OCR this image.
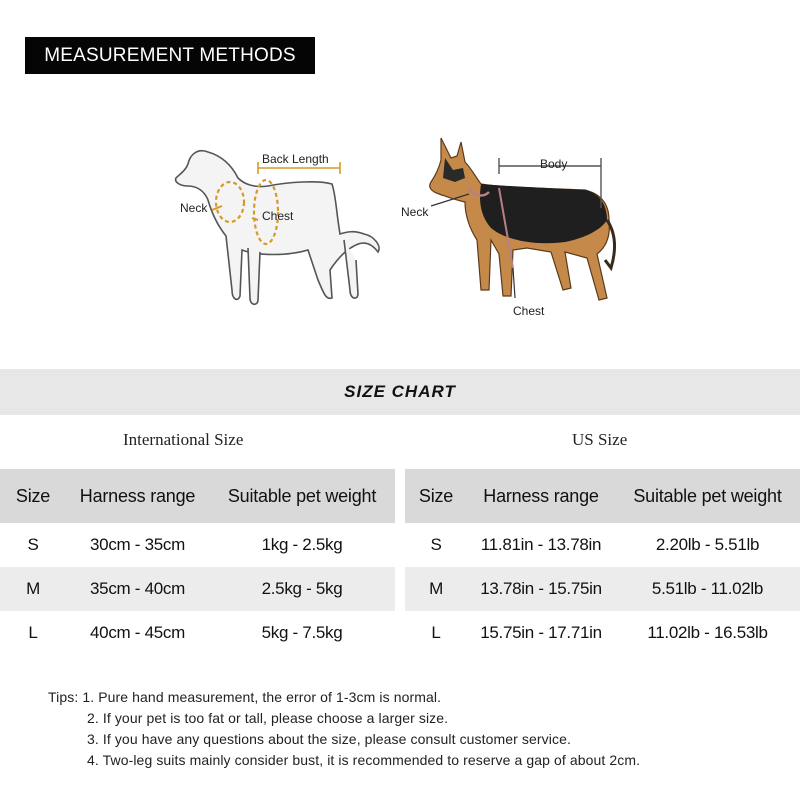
MEASUREMENT METHODS
Back Length
Neck
Chest
Body
Neck
Chest
SIZE CHART
International Size	US Size
Size	Harness range	Suitable pet weight
S	30cm - 35cm	1kg - 2.5kg
M	35cm - 40cm	2.5kg - 5kg
L	40cm - 45cm	5kg - 7.5kg
Size	Harness range	Suitable pet weight
S	11.81in - 13.78in	2.20lb - 5.51lb
M	13.78in - 15.75in	5.51lb - 11.02lb
L	15.75in - 17.71in	11.02lb - 16.53lb
Tips: 1. Pure hand measurement, the error of 1-3cm is normal.
2. If your pet is too fat or tall, please choose a larger size.
3. If you have any questions about the size, please consult customer service.
4. Two-leg suits mainly consider bust, it is recommended to reserve a gap of about 2cm.
